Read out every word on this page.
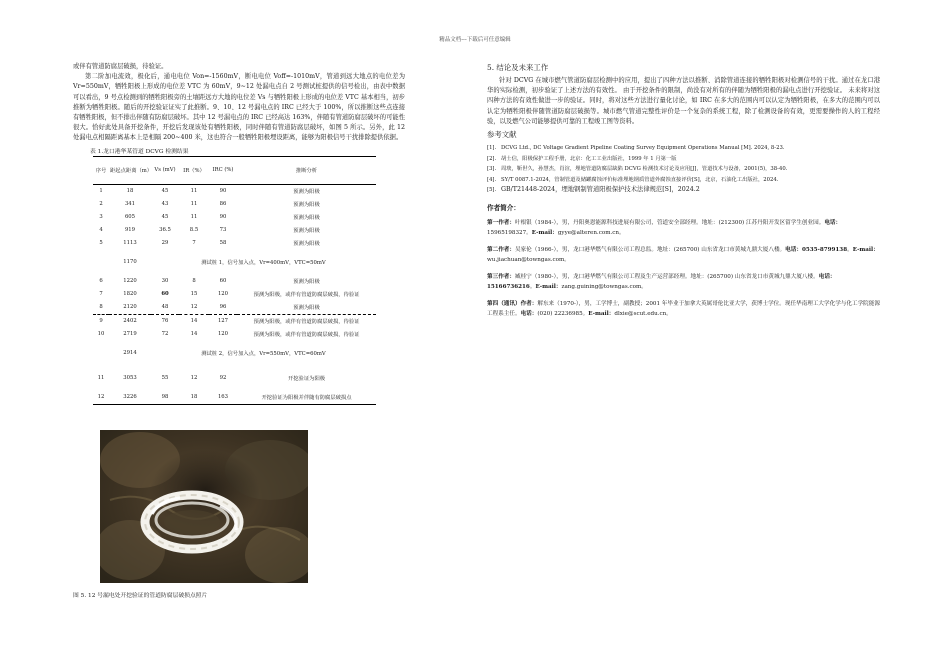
精品文档---下载后可任意编辑

或伴有管道防腐层破损，待验证。

第二阶加电流效，极化后，通电电位 Von=-1560mV，断电电位 Voff=-1010mV，管道到远大地点的电位差为 Vr=550mV，牺牲阳极上形成的电位差 VTC 为 60mV，9~12 处漏电点自 2 号测试桩提供的信号检出，由表中数据可以看出，9 号点检测到的牺牲阳极旁的土壤距远方大地的电位差 Vs 与牺牲阳极上形成的电位差 VTC 基本相当，初步推断为牺牲阳极。随后的开挖验证证实了此推断。9、10、12 号漏电点的 IRC 已经大于 100%，所以推断这些点连接有牺牲阳极，但不排出伴随有防腐层破坏。其中 12 号漏电点的 IRC 已经高达 163%，伴随有管道防腐层破坏的可能性很大。恰好此处具备开挖条件，开挖后发现该处有牺牲阳极，同时伴随有管道防腐层破坏，如图 5 所示。另外，此 12 处漏电点相隔距离基本上是相隔 200~400 米，这也符合一般牺牲阳极埋设距离，能够为阳极信号干扰排除提供依据。

表 1.龙口港华某管道 DCVG 检测结果
序号	距起点距离（m）	Vs (mV)	IR（%）	IRC (%)	推断分析
1	18	45	11	90	预测为阳极
2	341	43	11	86	预测为阳极
3	605	45	11	90	预测为阳极
4	919	36.5	8.5	73	预测为阳极
5	1113	29	7	58	预测为阳极
	1170	测试桩 1，信号加入点，Vr=400mV，VTC=50mV			
6	1220	30	8	60	预测为阳极
7	1820	60	15	120	预测为阳极，或伴有管道防腐层破损，待验证
8	2120	48	12	96	预测为阳极
9	2402	76	14	127	预测为阳极，或伴有管道防腐层破损，待验证
10	2719	72	14	120	预测为阳极，或伴有管道防腐层破损，待验证
	2914	测试桩 2，信号加入点，Vr=550mV，VTC=60mV			
11	3053	55	12	92	开挖验证为阳极
12	3226	98	18	163	开挖验证为阳极并伴随有防腐层破损点
图 5. 12 号漏电处开挖验证的管道防腐层破损点照片
5. 结论及未来工作

针对 DCVG 在城市燃气管道防腐层检测中的应用，提出了四种方法以推断、消除管道连接的牺牲阳极对检测信号的干扰。通过在龙口港华的实际检测，初步验证了上述方法的有效性。 由于开挖条件的限制，尚没有对所有的伴随为牺牲阳极的漏电点进行开挖验证。 未来将对这四种方法的有效性做进一步的验证。同时，将对这些方法进行量化讨论，如 IRC 在多大的范围内可以认定为牺牲阳极，在多大的范围内可以认定为牺牲阳极伴随管道防腐层破损等。城市燃气管道完整性评价是一个复杂的系统工程，除了检测设备的有效，更需要操作的人的工程经验，以及燃气公司能够提供可靠的工程竣工图等资料。

参考文献
[1]. DCVG Ltd., DC Voltage Gradient Pipeline Coating Survey Equipment Operations Manual [M]. 2024, 8-23.
[2]. 胡士信，阳极保护工程手册，北京：化工工业出版社，1999 年 1 月第一版
[3]. 周琰，靳世久，孙慧杰，肖渲，埋地管道防腐层缺陷 DCVG 检测技术讨论及应用[J]，管道技术与设备，2001(5)，38-40.
[4]. SY/T 0087.1-2024，管制管道及储罐腐蚀评价标准埋地钢质管道外腐蚀直接评价[S]，北京，石油化工出版社，2024.
[5]. GB/T21448-2024，埋地钢制管道阳极保护技术法律规范[S]，2024.2
作者简介：
第一作者：叶根银（1984-），男，丹阳奥恩能源科技进展有限公司，管道安全部经理。地址：(212300) 江苏丹阳开发区留学生创业园。电话：15965198327。E-mail：gyye@alteren.com.cn。
第二作者：吴家伦（1966-），男，龙口港华燃气有限公司工程总监。地址：(265700) 山东省龙口市黄城九鼎大厦八楼。电话：0535-8799138。E-mail：wu.jiachuan@towngas.com。
第三作者：臧桂宁（1980-），男，龙口港华燃气有限公司工程及生产运营部经理。地址：(265700) 山东省龙口市黄城九鼎大厦八楼。电话：15166736216。E-mail：zang.guining@towngas.com。
第四（通讯）作者：解东来（1970-），男，工学博士，副教授；2001 年毕业于加拿大英属哥伦比亚大学，获博士学位。现任华南理工大学化学与化工学院能源工程系主任。电话：(020) 22236985。E-mail：dlxie@scut.edu.cn。
